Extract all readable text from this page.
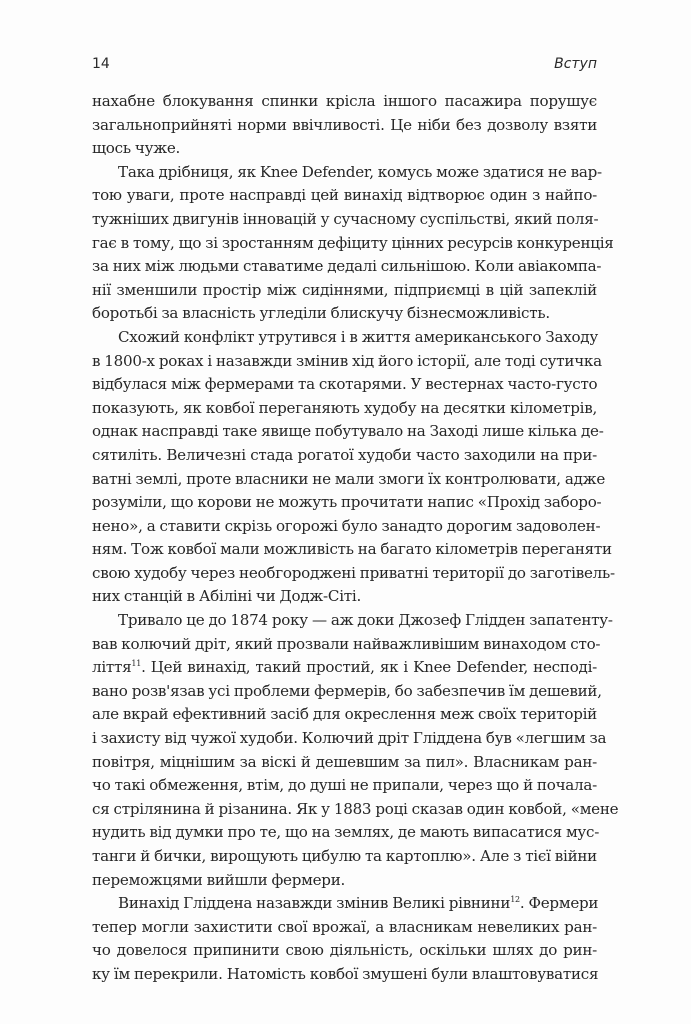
14	Вступ
нахабне блокування спинки крісла іншого пасажира порушує
загальноприйняті норми ввічливості. Це ніби без дозволу взяти
щось чуже.
Така дрібниця, як Knee Defender, комусь може здатися не вар-
тою уваги, проте насправді цей винахід відтворює один з найпо-
тужніших двигунів інновацій у сучасному суспільстві, який поля-
гає в тому, що зі зростанням дефіциту цінних ресурсів конкуренція
за них між людьми ставатиме дедалі сильнішою. Коли авіакомпа-
нії зменшили простір між сидіннями, підприємці в цій запеклій
боротьбі за власність угледіли блискучу бізнесможливість.
Схожий конфлікт утрутився і в життя американського Заходу
в 1800-х роках і назавжди змінив хід його історії, але тоді сутичка
відбулася між фермерами та скотарями. У вестернах часто-густо
показують, як ковбої переганяють худобу на десятки кілометрів,
однак насправді таке явище побутувало на Заході лише кілька де-
сятиліть. Величезні стада рогатої худоби часто заходили на при-
ватні землі, проте власники не мали змоги їх контролювати, адже
розуміли, що корови не можуть прочитати напис «Прохід заборо-
нено», а ставити скрізь огорожі було занадто дорогим задоволен-
ням. Тож ковбої мали можливість на багато кілометрів переганяти
свою худобу через необгороджені приватні території до заготівель-
них станцій в Абіліні чи Додж-Сіті.
Тривало це до 1874 року — аж доки Джозеф Глідден запатенту-
вав колючий дріт, який прозвали найважливішим винаходом сто-
ліття$^{11}$. Цей винахід, такий простий, як і Knee Defender, несподі-
вано розв'язав усі проблеми фермерів, бо забезпечив їм дешевий,
але вкрай ефективний засіб для окреслення меж своїх територій
і захисту від чужої худоби. Колючий дріт Гліддена був «легшим за
повітря, міцнішим за віскі й дешевшим за пил». Власникам ран-
чо такі обмеження, втім, до душі не припали, через що й почала-
ся стрілянина й різанина. Як у 1883 році сказав один ковбой, «мене
нудить від думки про те, що на землях, де мають випасатися мус-
танги й бички, вирощують цибулю та картоплю». Але з тієї війни
переможцями вийшли фермери.
Винахід Гліддена назавжди змінив Великі рівнини$^{12}$. Фермери
тепер могли захистити свої врожаї, а власникам невеликих ран-
чо довелося припинити свою діяльність, оскільки шлях до рин-
ку їм перекрили. Натомість ковбої змушені були влаштовуватися
